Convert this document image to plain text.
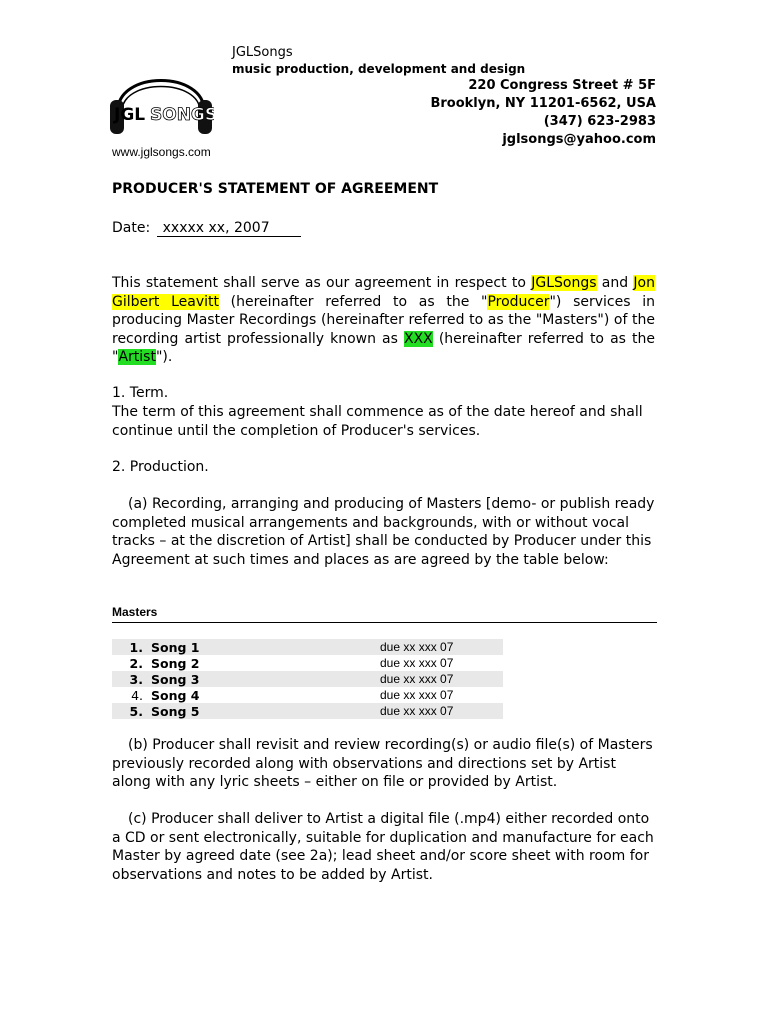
JGL SONGS
JGLSongs
music production, development and design
220 Congress Street # 5F
Brooklyn, NY 11201-6562, USA
(347) 623-2983
jglsongs@yahoo.com
www.jglsongs.com
PRODUCER'S STATEMENT OF AGREEMENT
Date: xxxxx xx, 2007
This statement shall serve as our agreement in respect to JGLSongs and Jon Gilbert Leavitt (hereinafter referred to as the "Producer") services in producing Master Recordings (hereinafter referred to as the "Masters") of the recording artist professionally known as XXX (hereinafter referred to as the "Artist").
1. Term.
The term of this agreement shall commence as of the date hereof and shall continue until the completion of Producer's services.
2. Production.
(a) Recording, arranging and producing of Masters [demo- or publish ready completed musical arrangements and backgrounds, with or without vocal tracks – at the discretion of Artist] shall be conducted by Producer under this Agreement at such times and places as are agreed by the table below:
Masters
1. Song 1	due xx xxx 07
2. Song 2	due xx xxx 07
3. Song 3	due xx xxx 07
4. Song 4	due xx xxx 07
5. Song 5	due xx xxx 07
(b) Producer shall revisit and review recording(s) or audio file(s) of Masters previously recorded along with observations and directions set by Artist along with any lyric sheets – either on file or provided by Artist.
(c) Producer shall deliver to Artist a digital file (.mp4) either recorded onto a CD or sent electronically, suitable for duplication and manufacture for each Master by agreed date (see 2a); lead sheet and/or score sheet with room for observations and notes to be added by Artist.
